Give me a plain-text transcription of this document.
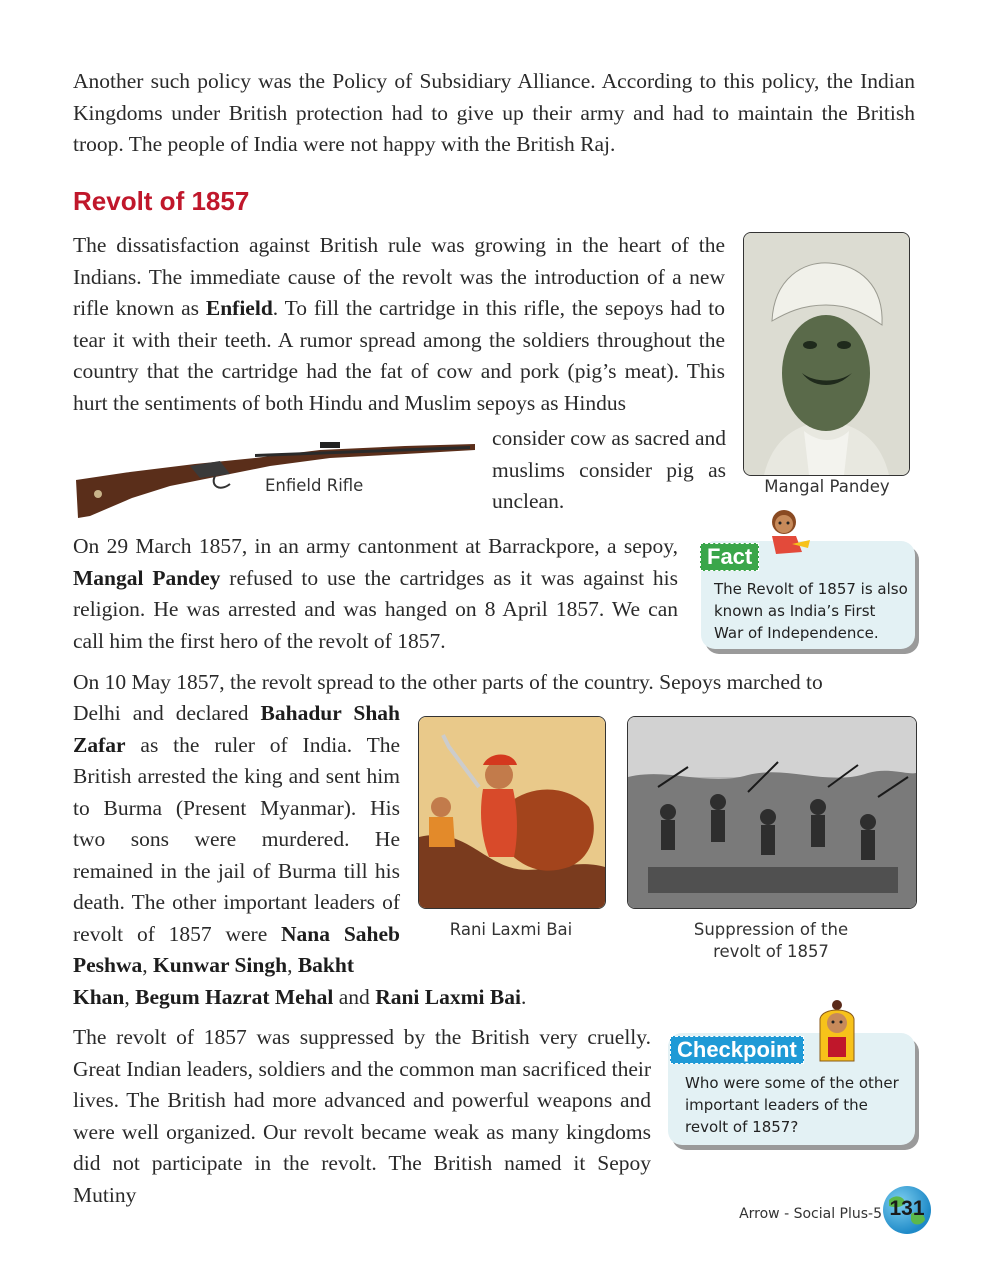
Another such policy was the Policy of Subsidiary Alliance. According to this policy, the Indian Kingdoms under British protection had to give up their army and had to maintain the British troop. The people of India were not happy with the British Raj.

Revolt of 1857

The dissatisfaction against British rule was growing in the heart of the Indians. The immediate cause of the revolt was the introduction of a new rifle known as Enfield. To fill the cartridge in this rifle, the sepoys had to tear it with their teeth. A rumor spread among the soldiers throughout the country that the cartridge had the fat of cow and pork (pig’s meat). This hurt the sentiments of both Hindu and Muslim sepoys as Hindus

Enfield Rifle

consider cow as sacred and muslims consider pig as unclean.

Mangal Pandey

On 29 March 1857, in an army cantonment at Barrackpore, a sepoy, Mangal Pandey refused to use the cartridges as it was against his religion. He was arrested and was hanged on 8 April 1857. We can call him the first hero of the revolt of 1857.

Fact
The Revolt of 1857 is also known as India’s First War of Independence.

On 10 May 1857, the revolt spread to the other parts of the country. Sepoys marched to

Delhi and declared Bahadur Shah Zafar as the ruler of India. The British arrested the king and sent him to Burma (Present Myanmar). His two sons were murdered. He remained in the jail of Burma till his death. The other important leaders of revolt of 1857 were Nana Saheb Peshwa, Kunwar Singh, Bakht

Khan, Begum Hazrat Mehal and Rani Laxmi Bai.

Rani Laxmi Bai	Suppression of the
revolt of 1857

The revolt of 1857 was suppressed by the British very cruelly. Great Indian leaders, soldiers and the common man sacrificed their lives. The British had more advanced and powerful weapons and were well organized. Our revolt became weak as many kingdoms did not participate in the revolt. The British named it Sepoy Mutiny

Checkpoint
Who were some of the other important leaders of the revolt of 1857?
Arrow - Social Plus-5 131
